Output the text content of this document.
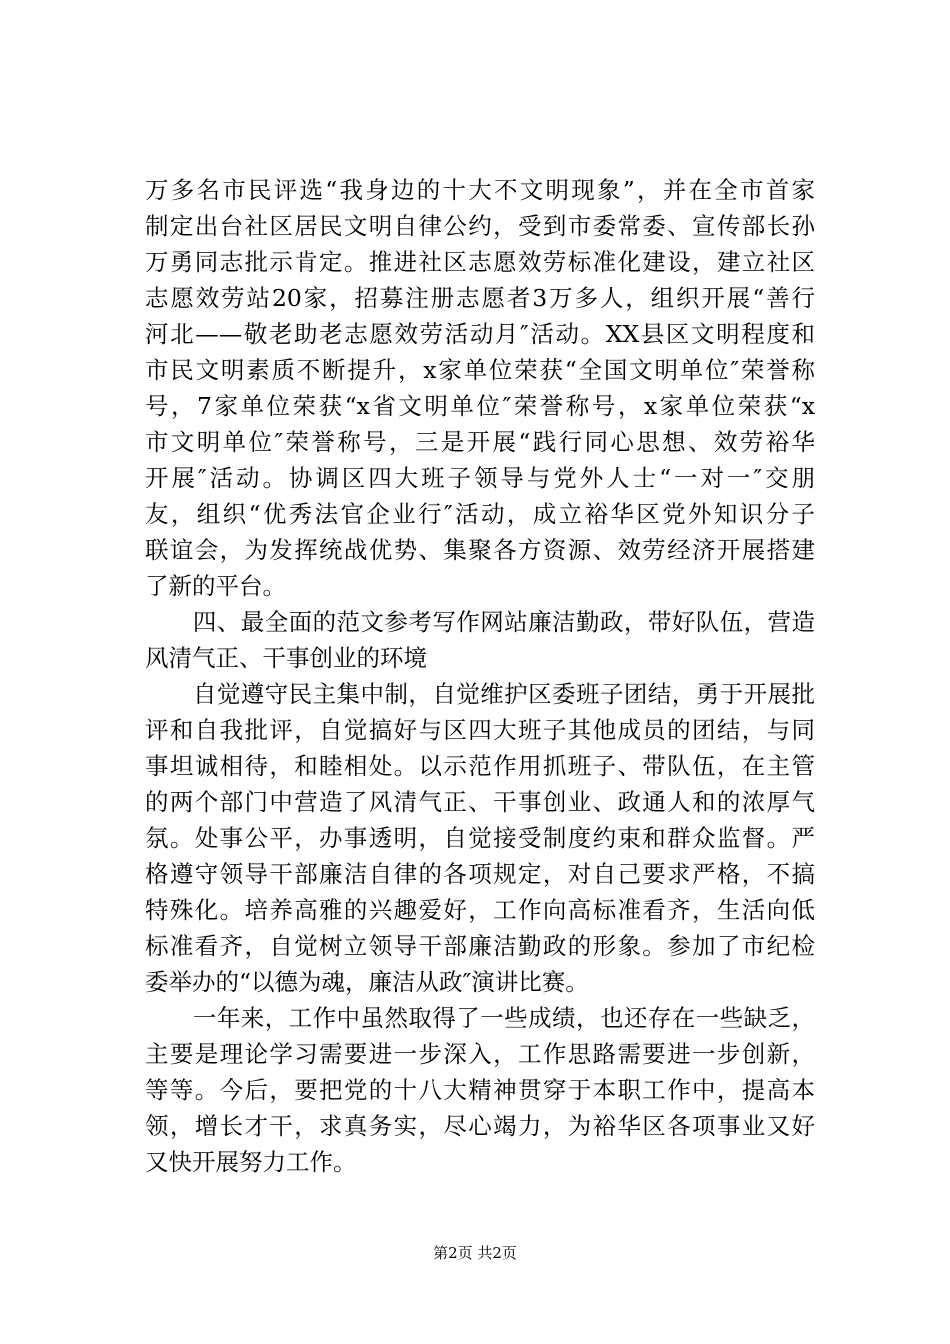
万多名市民评选“我身边的十大不文明现象”，并在全市首家
制定出台社区居民文明自律公约，受到市委常委、宣传部长孙
万勇同志批示肯定。推进社区志愿效劳标准化建设，建立社区
志愿效劳站20家，招募注册志愿者3万多人，组织开展“善行
河北——敬老助老志愿效劳活动月″活动。XX县区文明程度和
市民文明素质不断提升，x家单位荣获“全国文明单位″荣誉称
号，7家单位荣获“x省文明单位″荣誉称号，x家单位荣获“x
市文明单位″荣誉称号，三是开展“践行同心思想、效劳裕华
开展″活动。协调区四大班子领导与党外人士“一对一″交朋
友，组织“优秀法官企业行″活动，成立裕华区党外知识分子
联谊会，为发挥统战优势、集聚各方资源、效劳经济开展搭建
了新的平台。
　　四、最全面的范文参考写作网站廉洁勤政，带好队伍，营造
风清气正、干事创业的环境
　　自觉遵守民主集中制，自觉维护区委班子团结，勇于开展批
评和自我批评，自觉搞好与区四大班子其他成员的团结，与同
事坦诚相待，和睦相处。以示范作用抓班子、带队伍，在主管
的两个部门中营造了风清气正、干事创业、政通人和的浓厚气
氛。处事公平，办事透明，自觉接受制度约束和群众监督。严
格遵守领导干部廉洁自律的各项规定，对自己要求严格，不搞
特殊化。培养高雅的兴趣爱好，工作向高标准看齐，生活向低
标准看齐，自觉树立领导干部廉洁勤政的形象。参加了市纪检
委举办的“以德为魂，廉洁从政″演讲比赛。
　　一年来，工作中虽然取得了一些成绩，也还存在一些缺乏，
主要是理论学习需要进一步深入，工作思路需要进一步创新，
等等。今后，要把党的十八大精神贯穿于本职工作中，提高本
领，增长才干，求真务实，尽心竭力，为裕华区各项事业又好
又快开展努力工作。
第2页 共2页
